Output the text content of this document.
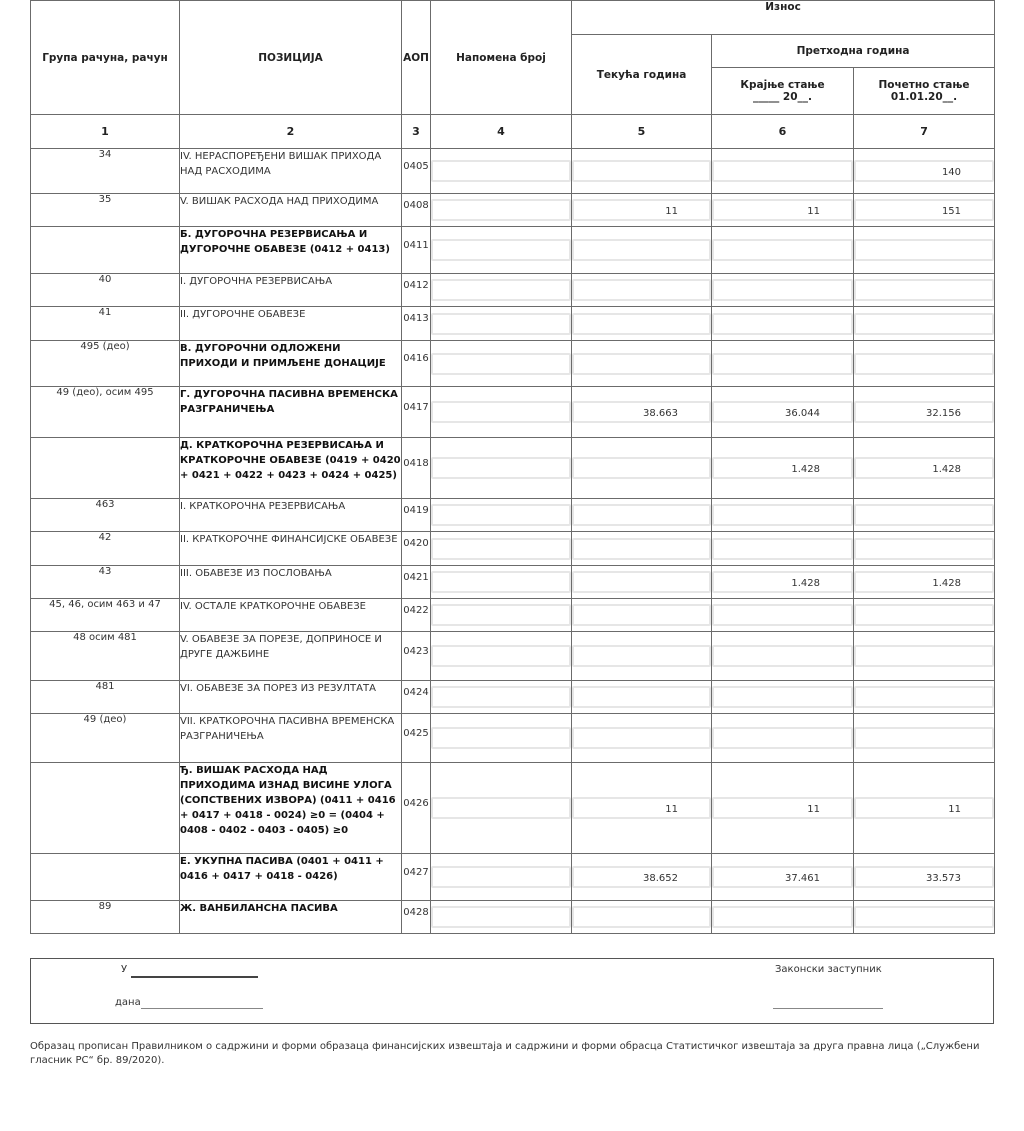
Група рачуна, рачун	ПОЗИЦИЈА	АОП	Напомена број	Износ		
				Текућа година	Претходна година	
					Крајње стање _____ 20__.	Почетно стање 01.01.20__.
1	2	3	4	5	6	7
34	IV. НЕРАСПОРЕЂЕНИ ВИШАК ПРИХОДА НАД РАСХОДИМА	0405				140

35	V. ВИШАК РАСХОДА НАД ПРИХОДИМА	0408		11	11	151

	Б. ДУГОРОЧНА РЕЗЕРВИСАЊА И ДУГОРОЧНЕ ОБАВЕЗЕ (0412 + 0413)	0411	

40	I. ДУГОРОЧНА РЕЗЕРВИСАЊА	0412	

41	II. ДУГОРОЧНЕ ОБАВЕЗЕ	0413	

495 (део)	В. ДУГОРОЧНИ ОДЛОЖЕНИ ПРИХОДИ И ПРИМЉЕНЕ ДОНАЦИЈЕ	0416	

49 (део), осим 495	Г. ДУГОРОЧНА ПАСИВНА ВРЕМЕНСКА РАЗГРАНИЧЕЊА	0417		38.663	36.044	32.156

	Д. КРАТКОРОЧНА РЕЗЕРВИСАЊА И КРАТКОРОЧНЕ ОБАВЕЗЕ (0419 + 0420 + 0421 + 0422 + 0423 + 0424 + 0425)	0418			1.428	1.428

463	I. КРАТКОРОЧНА РЕЗЕРВИСАЊА	0419	

42	II. КРАТКОРОЧНЕ ФИНАНСИЈСКЕ ОБАВЕЗЕ	0420	

43	III. ОБАВЕЗЕ ИЗ ПОСЛОВАЊА	0421			1.428	1.428

45, 46, осим 463 и 47	IV. ОСТАЛЕ КРАТКОРОЧНЕ ОБАВЕЗЕ	0422	

48 осим 481	V. ОБАВЕЗЕ ЗА ПОРЕЗЕ, ДОПРИНОСЕ И ДРУГЕ ДАЖБИНЕ	0423	

481	VI. ОБАВЕЗЕ ЗА ПОРЕЗ ИЗ РЕЗУЛТАТА	0424	

49 (део)	VII. КРАТКОРОЧНА ПАСИВНА ВРЕМЕНСКА РАЗГРАНИЧЕЊА	0425	

	Ђ. ВИШАК РАСХОДА НАД ПРИХОДИМА ИЗНАД ВИСИНЕ УЛОГА (СОПСТВЕНИХ ИЗВОРА) (0411 + 0416 + 0417 + 0418 - 0024) ≥0 = (0404 + 0408 - 0402 - 0403 - 0405) ≥0	0426		11	11	11

	Е. УКУПНА ПАСИВА (0401 + 0411 + 0416 + 0417 + 0418 - 0426)	0427		38.652	37.461	33.573

89	Ж. ВАНБИЛАНСНА ПАСИВА	0428	

У
дана
Законски заступник
Образац прописан Правилником о садржини и форми образаца финансијских извештаја и садржини и форми обрасца Статистичког извештаја за друга правна лица („Службени гласник РС“ бр. 89/2020).
